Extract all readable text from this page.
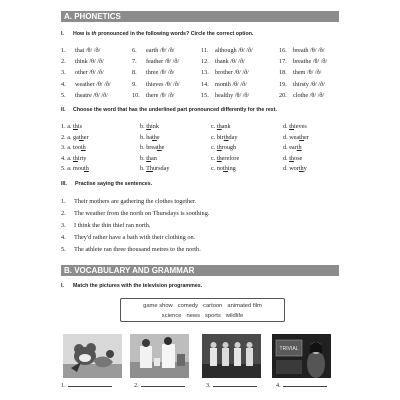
A. PHONETICS
I. How is th pronounced in the following words? Circle the correct option.
1. that /θ/ /ð/	6. earth /θ/ /ð/	11. although /θ/ /ð/	16. breath /θ/ /ð/
2. think /θ/ /ð/	7. feather /θ/ /ð/	12. thank /θ/ /ð/	17. breathe /θ/ /ð/
3. other /θ/ /ð/	8. three /θ/ /ð/	13. brother /θ/ /ð/	18. them /θ/ /ð/
4. weather /θ/ /ð/	9. thieves /θ/ /ð/	14. month /θ/ /ð/	19. thirsty /θ/ /ð/
5. theatre /θ/ /ð/	10. there /θ/ /ð/	15. healthy /θ/ /ð/	20. clothe /θ/ /ð/
II. Choose the word that has the underlined part pronounced differently for the rest.
1. a. this	b. think	c. thank	d. thieves
2. a. gather	b. bathe	c. birthday	d. weather
3. a. tooth	b. breathe	c. through	d. earth
4. a. thirty	b. than	c. therefore	d. those
5. a. mouth	b. Thursday	c. nothing	d. worthy
III. Practise saying the sentences.
1.	Their mothers are gathering the clothes together.
2.	The weather from the north on Thursdays is soothing.
3.	I think the thin thief ran north.
4.	They'd rather have a bath with their clothing on.
5.	The athlete ran three thousand metres to the north.
B. VOCABULARY AND GRAMMAR
I. Match the pictures with the television programmes.
game show comedy cartoon animated film
science news sports wildlife
TRIVIAL
1.	2.	3.	4.
